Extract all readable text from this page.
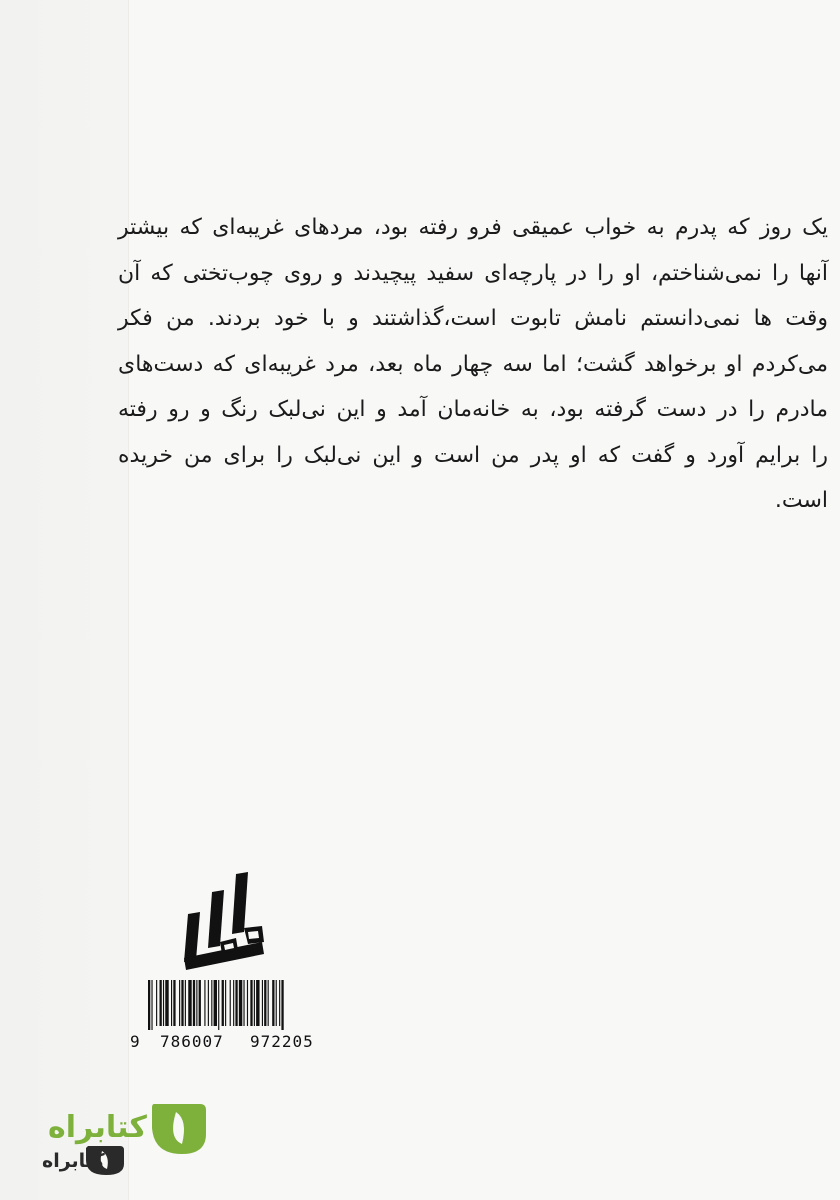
یک روز که پدرم به خواب عمیقی فرو رفته بود، مردهای غریبه‌ای که بیشتر آنها را نمی‌شناختم، او را در پارچه‌ای سفید پیچیدند و روی چوب‌تختی که آن وقت ها نمی‌دانستم نامش تابوت است،گذاشتند و با خود بردند. من فکر می‌کردم او برخواهد گشت؛ اما سه چهار ماه بعد، مرد غریبه‌ای که دست‌های مادرم را در دست گرفته بود، به خانه‌مان آمد و این نی‌لبک رنگ و رو رفته را برایم آورد و گفت که او پدر من است و این نی‌لبک را برای من خریده است.

9 786007 972205
کتابراه
کتابراه
